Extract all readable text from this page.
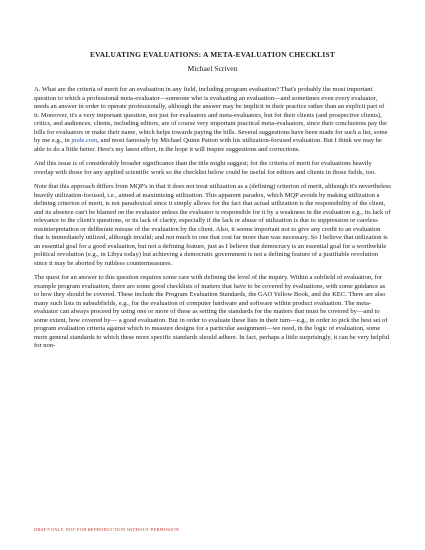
EVALUATING EVALUATIONS: A META-EVALUATION CHECKLIST
Michael Scriven

A. What are the criteria of merit for an evaluation in any field, including program evaluation? That's probably the most important question to which a professional meta-evaluator—someone who is evaluating an evaluation—and sometimes even every evaluator, needs an answer in order to operate professionally, although the answer may be implicit in their practice rather than an explicit part of it. Moreover, it's a very important question, not just for evaluators and meta-evaluators, but for their clients (and prospective clients), critics, and audiences; clients, including editors, are of course very important practical meta-evaluators, since their conclusions pay the bills for evaluators or make their name, which helps towards paying the bills. Several suggestions have been made for such a list, some by me e.g., in jmde.com, and most famously by Michael Quinn Patton with his utilization-focused evaluation. But I think we may be able to do a little better. Here's my latest effort, in the hope it will inspire suggestions and corrections.

And this issue is of considerably broader significance than the title might suggest; for the criteria of merit for evaluations heavily overlap with those for any applied scientific work so the checklist below could be useful for editors and clients in those fields, too.

Note that this approach differs from MQP's in that it does not treat utilization as a (defining) criterion of merit, although it's nevertheless heavily utilization-focused, i.e., aimed at maximizing utilization. This apparent paradox, which MQP avoids by making utilization a defining criterion of merit, is not paradoxical since it simply allows for the fact that actual utilization is the responsibility of the client, and its absence can't be blamed on the evaluator unless the evaluator is responsible for it by a weakness in the evaluation e.g., its lack of relevance to the client's questions, or its lack of clarity, especially if the lack or abuse of utilization is due to suppression or careless misinterpretation or deliberate misuse of the evaluation by the client. Also, it seems important not to give any credit to an evaluation that is immediately utilized, although invalid; and not much to one that cost far more than was necessary. So I believe that utilization is an essential goal for a good evaluation, but not a defining feature, just as I believe that democracy is an essential goal for a worthwhile political revolution (e.g., in Libya today) but achieving a democratic government is not a defining feature of a justifiable revolution since it may be aborted by ruthless countermeasures.

The quest for an answer to this question requires some care with defining the level of the inquiry. Within a subfield of evaluation, for example program evaluation, there are some good checklists of matters that have to be covered by evaluations, with some guidance as to how they should be covered. These include the Program Evaluation Standards, the GAO Yellow Book, and the KEC. There are also many such lists in subsubfields, e.g., for the evaluation of computer hardware and software within product evaluation. The meta-evaluator can always proceed by using one or more of these as setting the standards for the matters that must be covered by—and to some extent, how covered by— a good evaluation. But in order to evaluate these lists in their turn—e.g., in order to pick the best set of program evaluation criteria against which to measure designs for a particular assignment—we need, in the logic of evaluation, some more general standards to which these more specific standards should adhere. In fact, perhaps a little surprisingly, it can be very helpful for non-

DRAFT ONLY, NOT FOR REPRODUCTION WITHOUT PERMISSION
